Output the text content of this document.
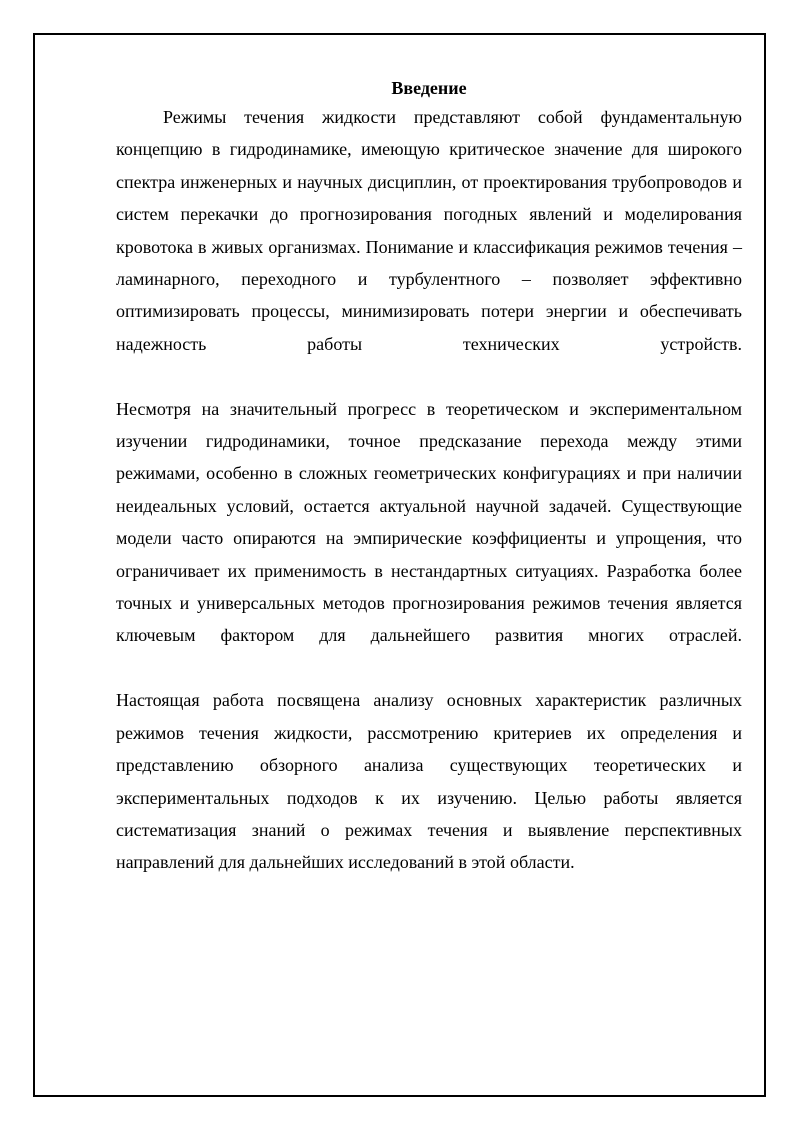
Введение

Режимы течения жидкости представляют собой фундаментальную концепцию в гидродинамике, имеющую критическое значение для широкого спектра инженерных и научных дисциплин, от проектирования трубопроводов и систем перекачки до прогнозирования погодных явлений и моделирования кровотока в живых организмах. Понимание и классификация режимов течения – ламинарного, переходного и турбулентного – позволяет эффективно оптимизировать процессы, минимизировать потери энергии и обеспечивать надежность работы технических устройств.

Несмотря на значительный прогресс в теоретическом и экспериментальном изучении гидродинамики, точное предсказание перехода между этими режимами, особенно в сложных геометрических конфигурациях и при наличии неидеальных условий, остается актуальной научной задачей. Существующие модели часто опираются на эмпирические коэффициенты и упрощения, что ограничивает их применимость в нестандартных ситуациях. Разработка более точных и универсальных методов прогнозирования режимов течения является ключевым фактором для дальнейшего развития многих отраслей.

Настоящая работа посвящена анализу основных характеристик различных режимов течения жидкости, рассмотрению критериев их определения и представлению обзорного анализа существующих теоретических и экспериментальных подходов к их изучению. Целью работы является систематизация знаний о режимах течения и выявление перспективных направлений для дальнейших исследований в этой области.
